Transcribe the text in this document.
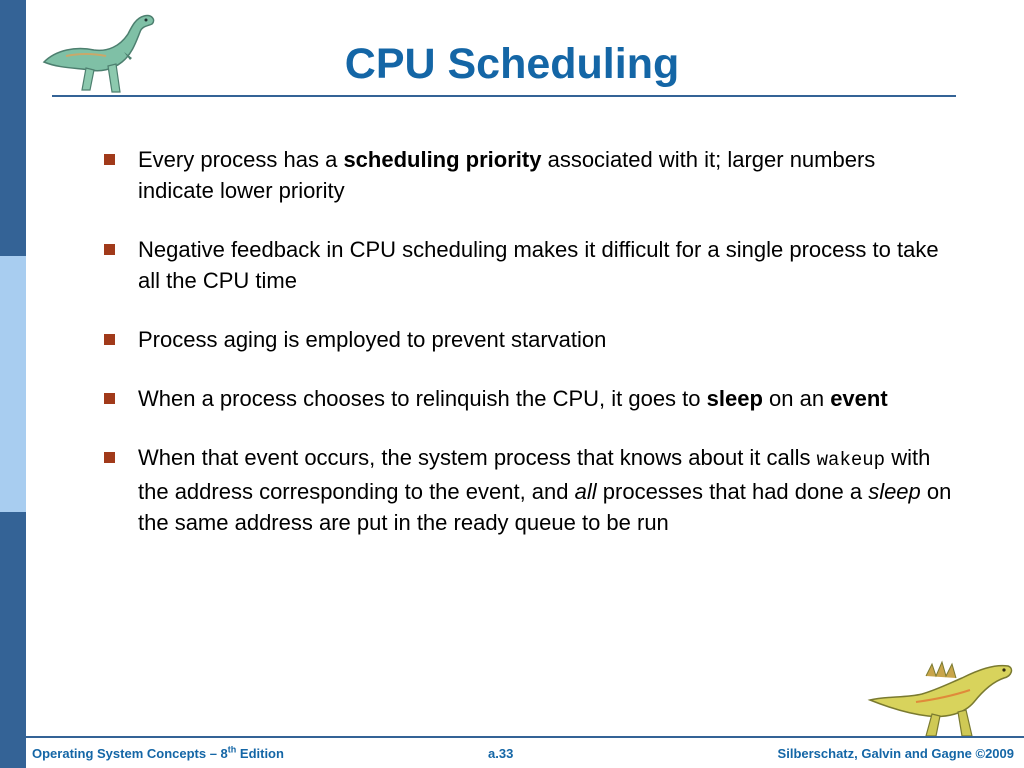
CPU Scheduling
Every process has a scheduling priority associated with it; larger numbers indicate lower priority
Negative feedback in CPU scheduling makes it difficult for a single process to take all the CPU time
Process aging is employed to prevent starvation
When a process chooses to relinquish the CPU, it goes to sleep on an event
When that event occurs, the system process that knows about it calls wakeup with the address corresponding to the event, and all processes that had done a sleep on the same address are put in the ready queue to be run
Operating System Concepts – 8th Edition	a.33	Silberschatz, Galvin and Gagne ©2009
